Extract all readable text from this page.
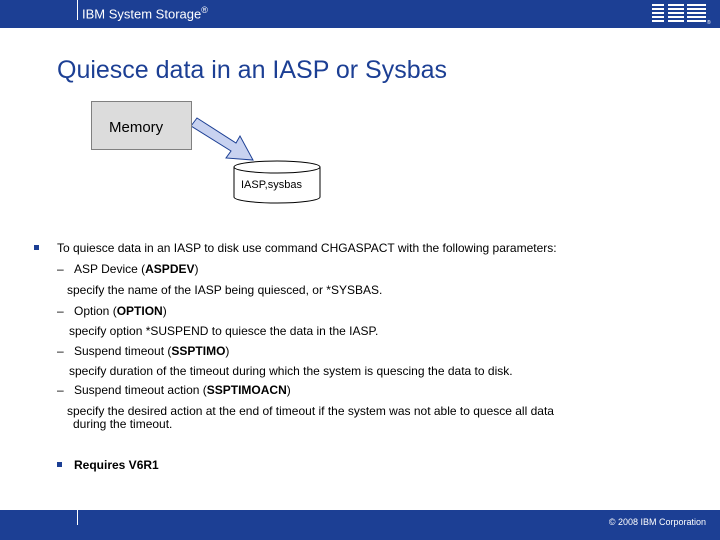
IBM System Storage®
®
Quiesce data in an IASP or Sysbas
Memory
IASP,sysbas
To quiesce data in an IASP to disk use command CHGASPACT with the following parameters:
– ASP Device (ASPDEV)
specify the name of the IASP being quiesced, or *SYSBAS.
– Option (OPTION)
specify option *SUSPEND to quiesce the data in the IASP.
– Suspend timeout (SSPTIMO)
specify duration of the timeout during which the system is quescing the data to disk.
– Suspend timeout action (SSPTIMOACN)
specify the desired action at the end of timeout if the system was not able to quesce all data
during the timeout.
Requires V6R1
© 2008 IBM Corporation
